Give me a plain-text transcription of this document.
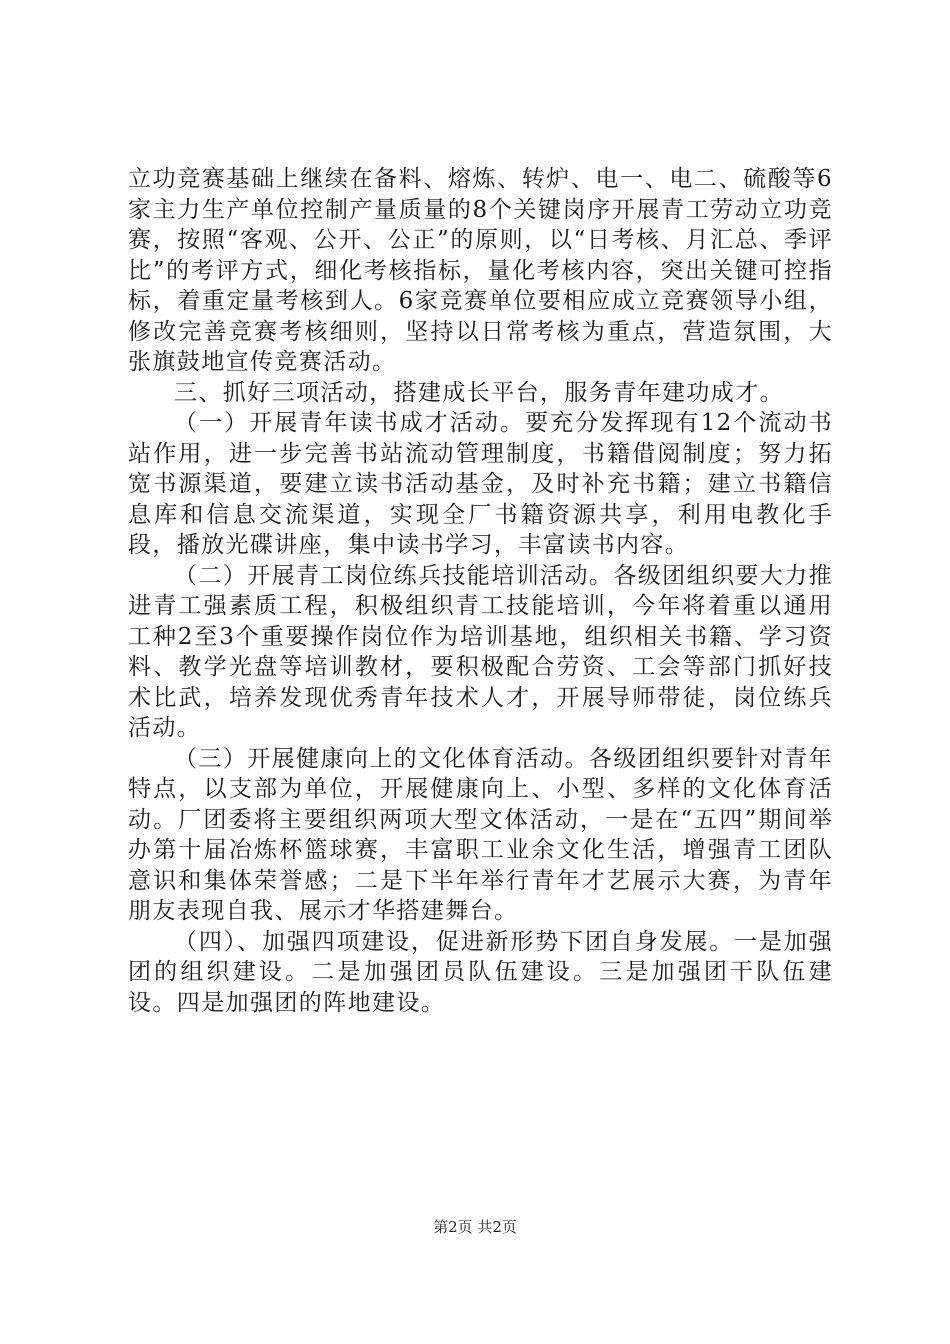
立功竞赛基础上继续在备料、熔炼、转炉、电一、电二、硫酸等6家主力生产单位控制产量质量的8个关键岗序开展青工劳动立功竞赛，按照“客观、公开、公正”的原则，以“日考核、月汇总、季评比”的考评方式，细化考核指标，量化考核内容，突出关键可控指标，着重定量考核到人。6家竞赛单位要相应成立竞赛领导小组，修改完善竞赛考核细则，坚持以日常考核为重点，营造氛围，大张旗鼓地宣传竞赛活动。

三、抓好三项活动，搭建成长平台，服务青年建功成才。

（一）开展青年读书成才活动。要充分发挥现有12个流动书站作用，进一步完善书站流动管理制度，书籍借阅制度；努力拓宽书源渠道，要建立读书活动基金，及时补充书籍；建立书籍信息库和信息交流渠道，实现全厂书籍资源共享，利用电教化手段，播放光碟讲座，集中读书学习，丰富读书内容。

（二）开展青工岗位练兵技能培训活动。各级团组织要大力推进青工强素质工程，积极组织青工技能培训，今年将着重以通用工种2至3个重要操作岗位作为培训基地，组织相关书籍、学习资料、教学光盘等培训教材，要积极配合劳资、工会等部门抓好技术比武，培养发现优秀青年技术人才，开展导师带徒，岗位练兵活动。

（三）开展健康向上的文化体育活动。各级团组织要针对青年特点，以支部为单位，开展健康向上、小型、多样的文化体育活动。厂团委将主要组织两项大型文体活动，一是在“五四”期间举办第十届冶炼杯篮球赛，丰富职工业余文化生活，增强青工团队意识和集体荣誉感；二是下半年举行青年才艺展示大赛，为青年朋友表现自我、展示才华搭建舞台。

（四）、加强四项建设，促进新形势下团自身发展。一是加强团的组织建设。二是加强团员队伍建设。三是加强团干队伍建设。四是加强团的阵地建设。

第2页 共2页
